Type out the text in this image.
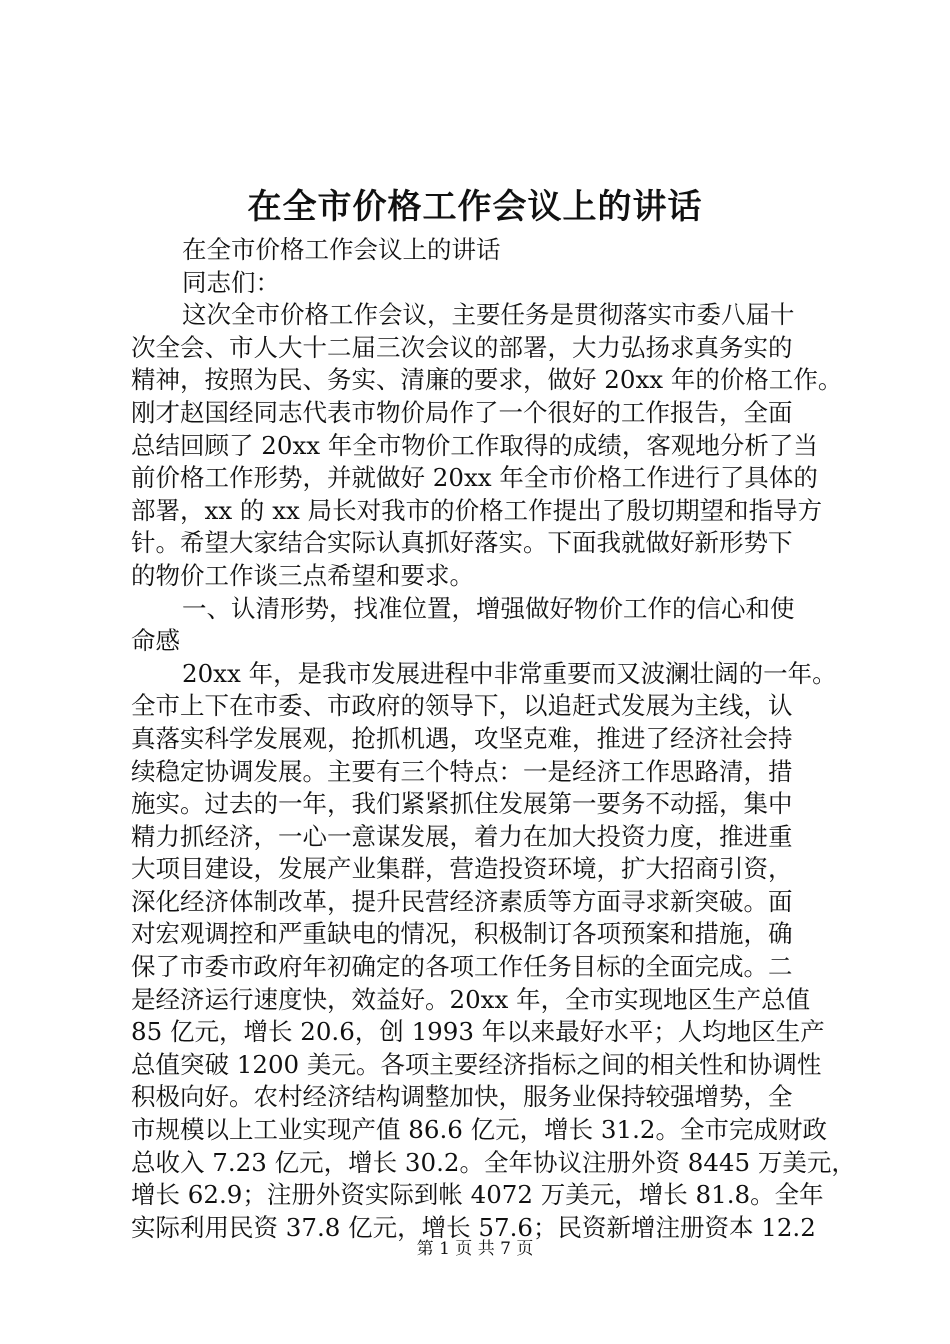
在全市价格工作会议上的讲话
在全市价格工作会议上的讲话
同志们：
这次全市价格工作会议，主要任务是贯彻落实市委八届十
次全会、市人大十二届三次会议的部署，大力弘扬求真务实的
精神，按照为民、务实、清廉的要求，做好 20xx 年的价格工作。
刚才赵国经同志代表市物价局作了一个很好的工作报告，全面
总结回顾了 20xx 年全市物价工作取得的成绩，客观地分析了当
前价格工作形势，并就做好 20xx 年全市价格工作进行了具体的
部署，xx 的 xx 局长对我市的价格工作提出了殷切期望和指导方
针。希望大家结合实际认真抓好落实。下面我就做好新形势下
的物价工作谈三点希望和要求。
一、认清形势，找准位置，增强做好物价工作的信心和使
命感
20xx 年，是我市发展进程中非常重要而又波澜壮阔的一年。
全市上下在市委、市政府的领导下，以追赶式发展为主线，认
真落实科学发展观，抢抓机遇，攻坚克难，推进了经济社会持
续稳定协调发展。主要有三个特点：一是经济工作思路清，措
施实。过去的一年，我们紧紧抓住发展第一要务不动摇，集中
精力抓经济，一心一意谋发展，着力在加大投资力度，推进重
大项目建设，发展产业集群，营造投资环境，扩大招商引资，
深化经济体制改革，提升民营经济素质等方面寻求新突破。面
对宏观调控和严重缺电的情况，积极制订各项预案和措施，确
保了市委市政府年初确定的各项工作任务目标的全面完成。二
是经济运行速度快，效益好。20xx 年，全市实现地区生产总值
85 亿元，增长 20.6，创 1993 年以来最好水平；人均地区生产
总值突破 1200 美元。各项主要经济指标之间的相关性和协调性
积极向好。农村经济结构调整加快，服务业保持较强增势，全
市规模以上工业实现产值 86.6 亿元，增长 31.2。全市完成财政
总收入 7.23 亿元，增长 30.2。全年协议注册外资 8445 万美元，
增长 62.9；注册外资实际到帐 4072 万美元，增长 81.8。全年
实际利用民资 37.8 亿元，增长 57.6；民资新增注册资本 12.2
第 1 页 共 7 页
